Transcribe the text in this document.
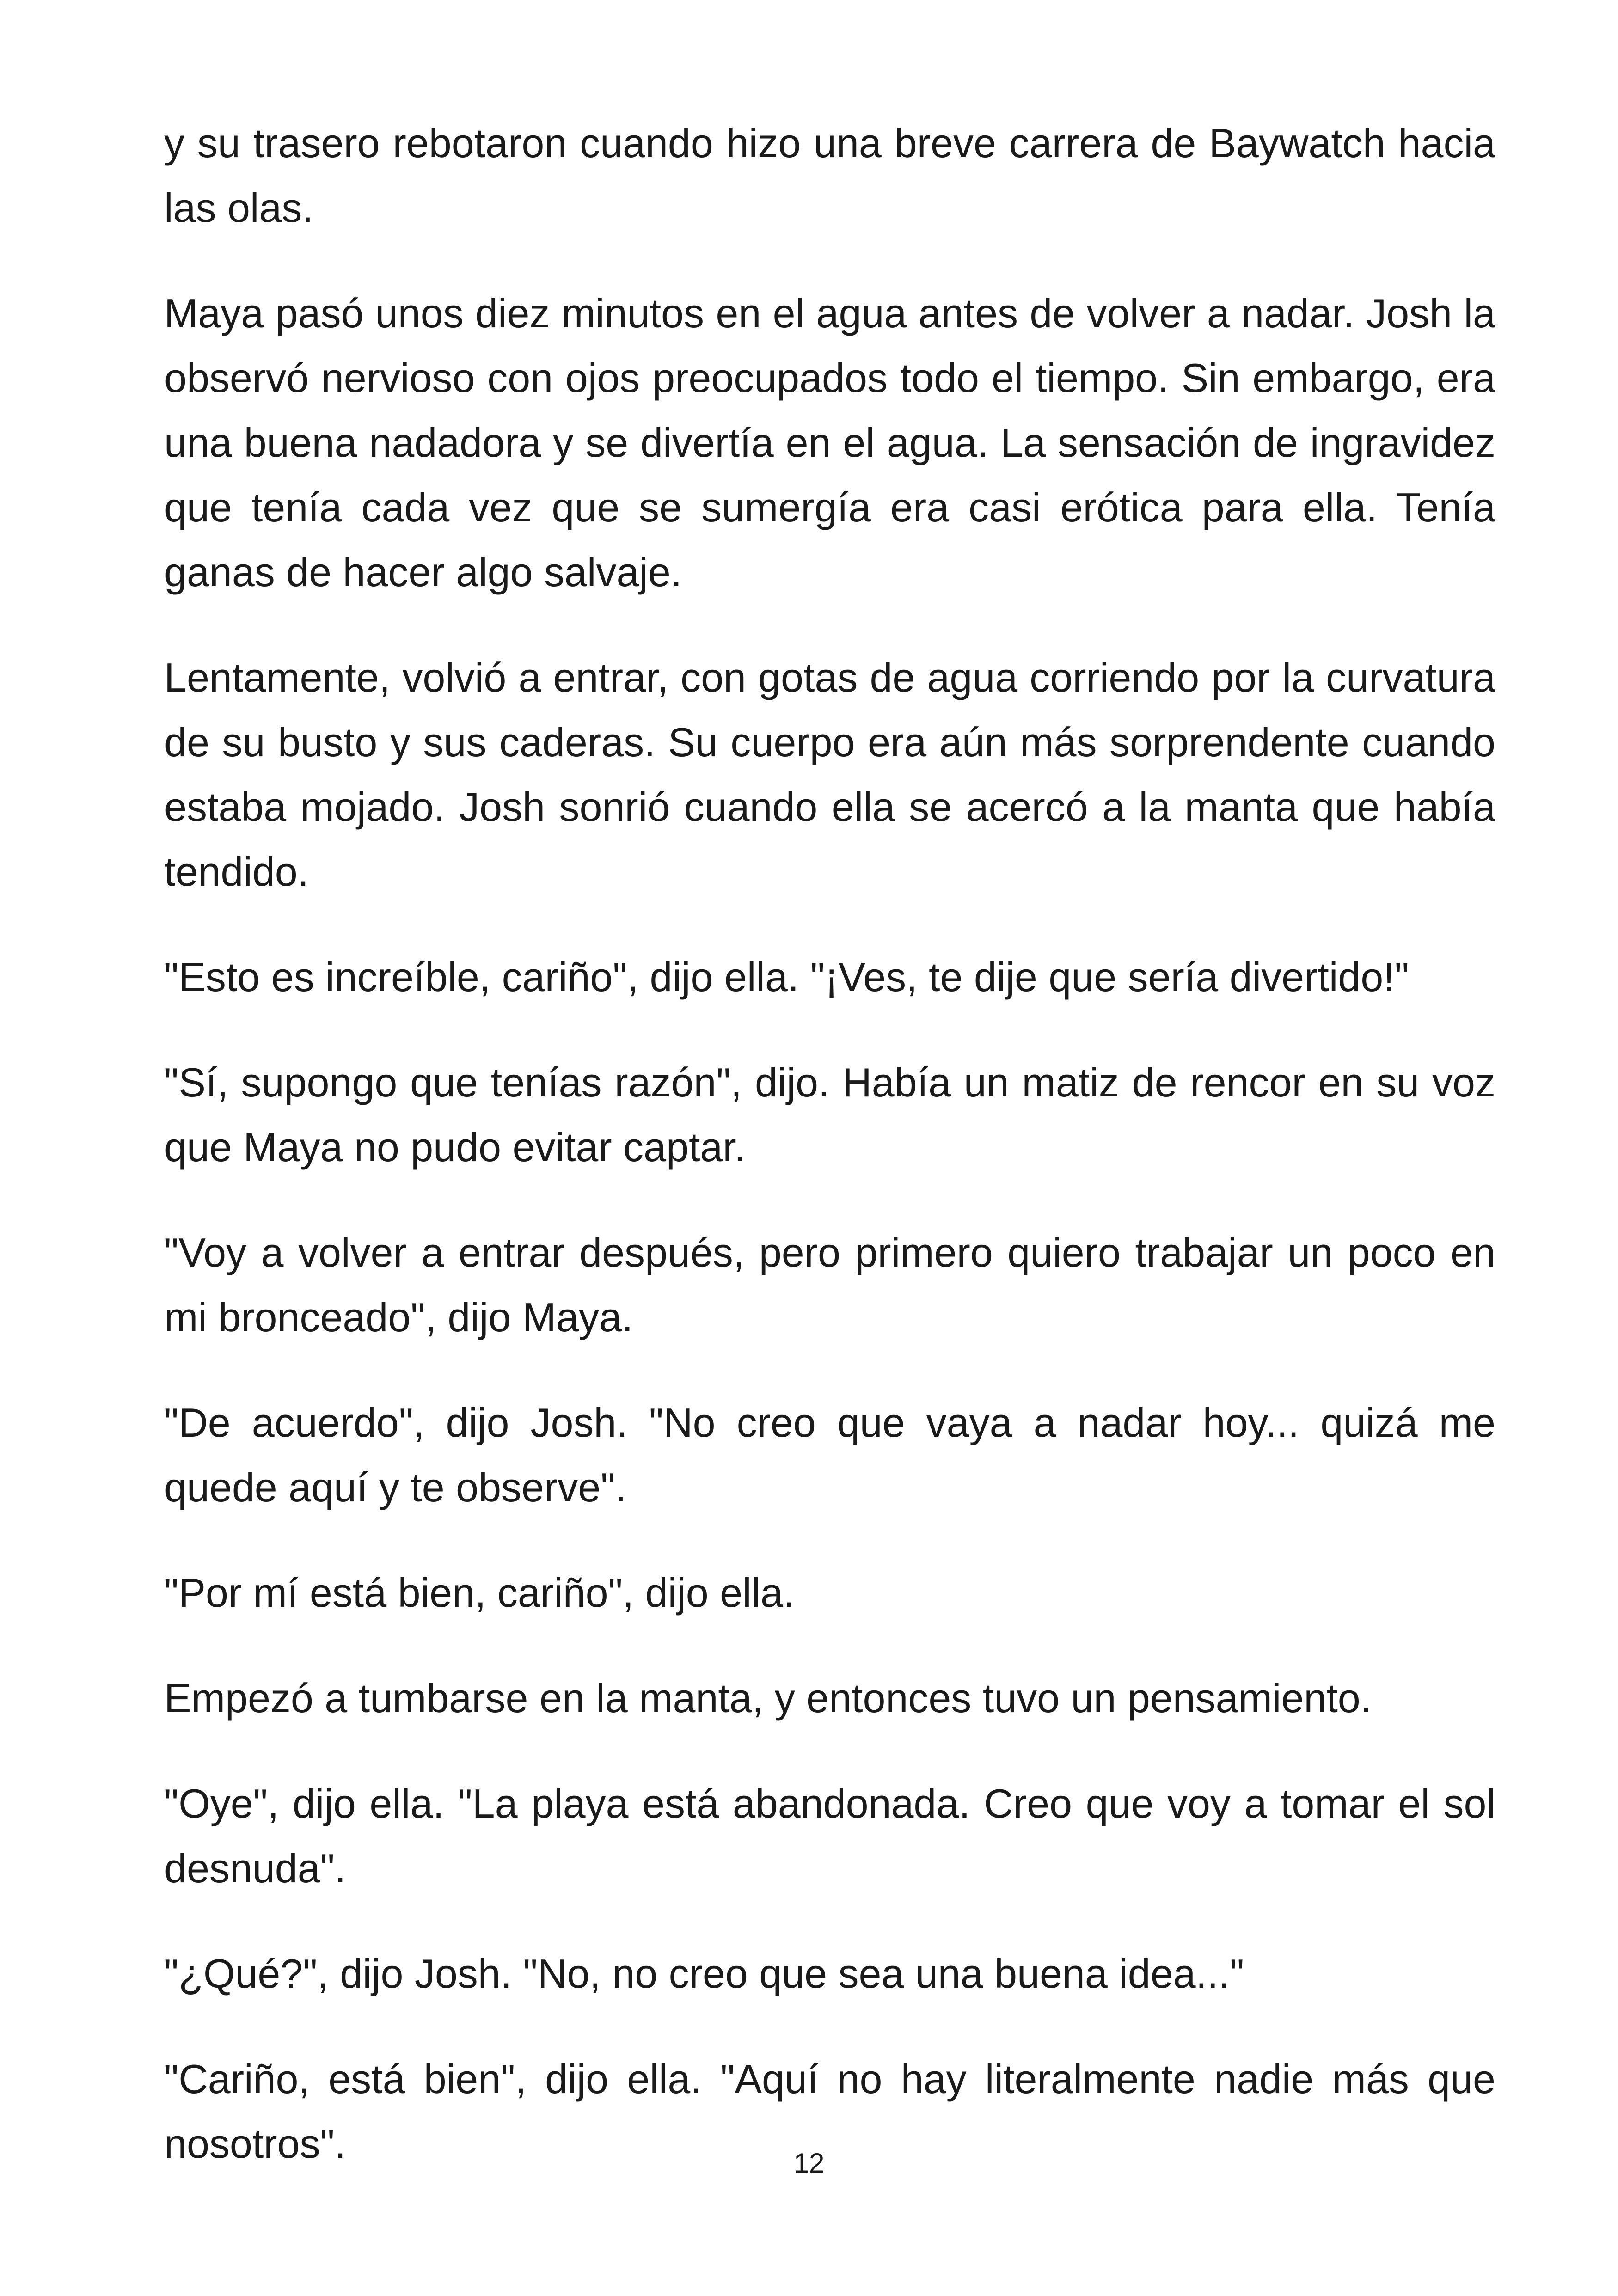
y su trasero rebotaron cuando hizo una breve carrera de Baywatch hacia las olas.

Maya pasó unos diez minutos en el agua antes de volver a nadar. Josh la observó nervioso con ojos preocupados todo el tiempo. Sin embargo, era una buena nadadora y se divertía en el agua. La sensación de ingravidez que tenía cada vez que se sumergía era casi erótica para ella. Tenía ganas de hacer algo salvaje.

Lentamente, volvió a entrar, con gotas de agua corriendo por la curvatura de su busto y sus caderas. Su cuerpo era aún más sorprendente cuando estaba mojado. Josh sonrió cuando ella se acercó a la manta que había tendido.

"Esto es increíble, cariño", dijo ella. "¡Ves, te dije que sería divertido!"

"Sí, supongo que tenías razón", dijo. Había un matiz de rencor en su voz que Maya no pudo evitar captar.

"Voy a volver a entrar después, pero primero quiero trabajar un poco en mi bronceado", dijo Maya.

"De acuerdo", dijo Josh. "No creo que vaya a nadar hoy... quizá me quede aquí y te observe".

"Por mí está bien, cariño", dijo ella.

Empezó a tumbarse en la manta, y entonces tuvo un pensamiento.

"Oye", dijo ella. "La playa está abandonada. Creo que voy a tomar el sol desnuda".

"¿Qué?", dijo Josh. "No, no creo que sea una buena idea..."

"Cariño, está bien", dijo ella. "Aquí no hay literalmente nadie más que nosotros".	12
